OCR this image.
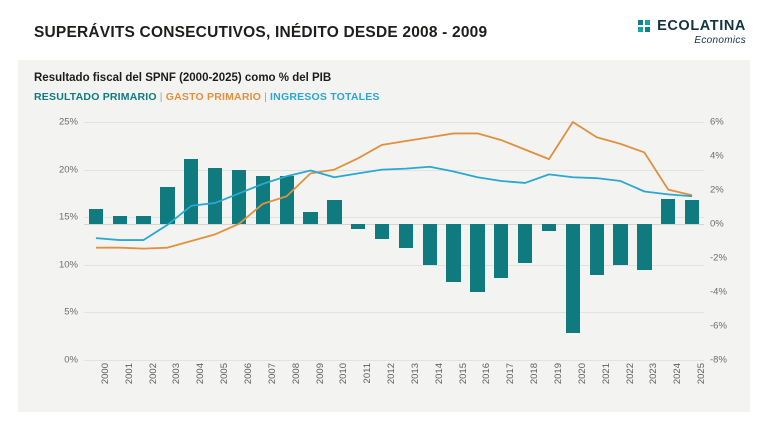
SUPERÁVITS CONSECUTIVOS, INÉDITO DESDE 2008 - 2009	ECOLATINA
Economics
Resultado fiscal del SPNF (2000-2025) como % del PIB
RESULTADO PRIMARIO | GASTO PRIMARIO | INGRESOS TOTALES
0%
5%
10%
15%
20%
25%
-8%
-6%
-4%
-2%
0%
2%
4%
6%
2000 2001 2002 2003 2004 2005 2006 2007 2008 2009 2010 2011 2012 2013 2014 2015 2016 2017 2018 2019 2020 2021 2022 2023 2024 2025
